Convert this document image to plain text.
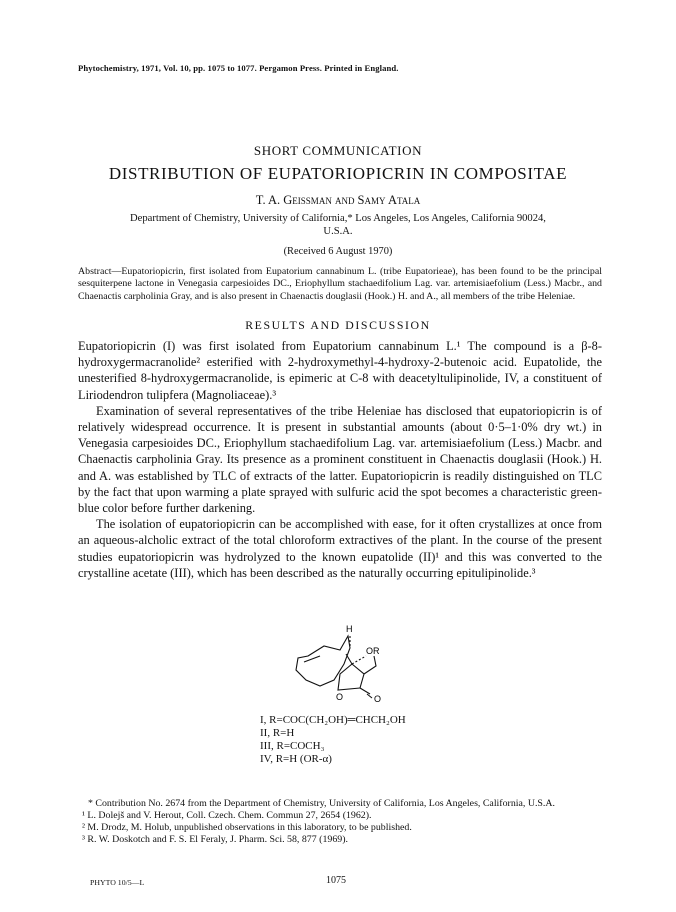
Phytochemistry, 1971, Vol. 10, pp. 1075 to 1077. Pergamon Press. Printed in England.
SHORT COMMUNICATION
DISTRIBUTION OF EUPATORIOPICRIN IN COMPOSITAE
T. A. Geissman and Samy Atala
Department of Chemistry, University of California,* Los Angeles, Los Angeles, California 90024,
U.S.A.
(Received 6 August 1970)
Abstract—Eupatoriopicrin, first isolated from Eupatorium cannabinum L. (tribe Eupatorieae), has been found to be the principal sesquiterpene lactone in Venegasia carpesioides DC., Eriophyllum stachaedifolium Lag. var. artemisiaefolium (Less.) Macbr., and Chaenactis carpholinia Gray, and is also present in Chaenactis douglasii (Hook.) H. and A., all members of the tribe Heleniae.
RESULTS AND DISCUSSION

Eupatoriopicrin (I) was first isolated from Eupatorium cannabinum L.¹ The compound is a β-8-hydroxygermacranolide² esterified with 2-hydroxymethyl-4-hydroxy-2-butenoic acid. Eupatolide, the unesterified 8-hydroxygermacranolide, is epimeric at C-8 with deacetyltulipinolide, IV, a constituent of Liriodendron tulipfera (Magnoliaceae).³

Examination of several representatives of the tribe Heleniae has disclosed that eupatoriopicrin is of relatively widespread occurrence. It is present in substantial amounts (about 0·5–1·0% dry wt.) in Venegasia carpesioides DC., Eriophyllum stachaedifolium Lag. var. artemisiaefolium (Less.) Macbr. and Chaenactis carpholinia Gray. Its presence as a prominent constituent in Chaenactis douglasii (Hook.) H. and A. was established by TLC of extracts of the latter. Eupatoriopicrin is readily distinguished on TLC by the fact that upon warming a plate sprayed with sulfuric acid the spot becomes a characteristic green-blue color before further darkening.

The isolation of eupatoriopicrin can be accomplished with ease, for it often crystallizes at once from an aqueous-alcholic extract of the total chloroform extractives of the plant. In the course of the present studies eupatoriopicrin was hydrolyzed to the known eupatolide (II)¹ and this was converted to the crystalline acetate (III), which has been described as the naturally occurring epitulipinolide.³

H
OR
O	O
I, R=COC(CH₂OH)═CHCH₂OH
II, R=H
III, R=COCH₃
IV, R=H (OR-α)

* Contribution No. 2674 from the Department of Chemistry, University of California, Los Angeles, California, U.S.A.

¹ L. Dolejš and V. Herout, Coll. Czech. Chem. Commun 27, 2654 (1962).

² M. Drodz, M. Holub, unpublished observations in this laboratory, to be published.

³ R. W. Doskotch and F. S. El Feraly, J. Pharm. Sci. 58, 877 (1969).

PHYTO 10/5—L	1075
